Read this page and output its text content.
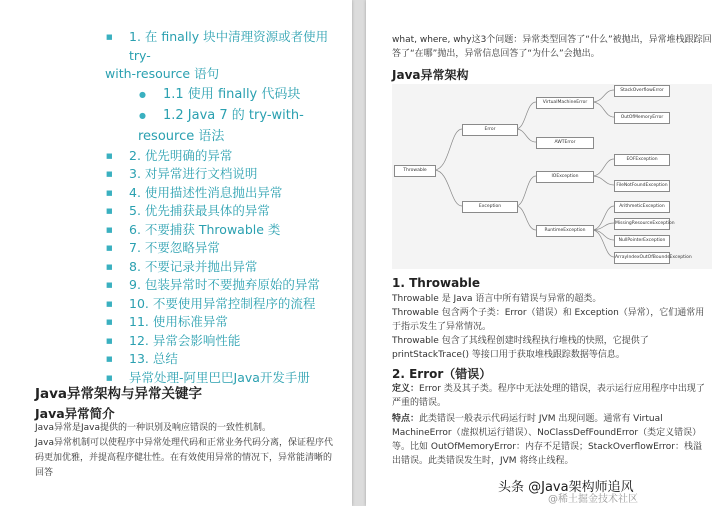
■ 1. 在 finally 块中清理资源或者使用 try-
with-resource 语句
● 1.1 使用 finally 代码块
● 1.2 Java 7 的 try-with-
resource 语法
■ 2. 优先明确的异常
■ 3. 对异常进行文档说明
■ 4. 使用描述性消息抛出异常
■ 5. 优先捕获最具体的异常
■ 6. 不要捕获 Throwable 类
■ 7. 不要忽略异常
■ 8. 不要记录并抛出异常
■ 9. 包装异常时不要抛弃原始的异常
■ 10. 不要使用异常控制程序的流程
■ 11. 使用标准异常
■ 12. 异常会影响性能
■ 13. 总结
■ 异常处理-阿里巴巴Java开发手册
Java异常架构与异常关键字
Java异常简介
Java异常是Java提供的一种识别及响应错误的一致性机制。
Java异常机制可以使程序中异常处理代码和正常业务代码分离，保证程序代码更加优雅，并提高程序健壮性。在有效使用异常的情况下，异常能清晰的回答
what, where, why这3个问题：异常类型回答了“什么”被抛出，异常堆栈跟踪回答了“在哪”抛出，异常信息回答了“为什么”会抛出。
Java异常架构
Throwable
Error
Exception
VirtualMachineError
AWTError
StackOverflowError
OutOfMemoryError
IOException
RuntimeException
EOFException
FileNotFoundException
ArithmeticException
MissingResourceException
NullPointerException
ArrayIndexOutOfBoundsException
1. Throwable
Throwable 是 Java 语言中所有错误与异常的超类。
Throwable 包含两个子类：Error（错误）和 Exception（异常），它们通常用于指示发生了异常情况。
Throwable 包含了其线程创建时线程执行堆栈的快照，它提供了 printStackTrace() 等接口用于获取堆栈跟踪数据等信息。
2. Error（错误）
定义：Error 类及其子类。程序中无法处理的错误，表示运行应用程序中出现了严重的错误。
特点：此类错误一般表示代码运行时 JVM 出现问题。通常有 Virtual MachineError（虚拟机运行错误）、NoClassDefFoundError（类定义错误）等。比如 OutOfMemoryError：内存不足错误；StackOverflowError：栈溢出错误。此类错误发生时，JVM 将终止线程。
头条 @Java架构师追风
@稀土掘金技术社区
